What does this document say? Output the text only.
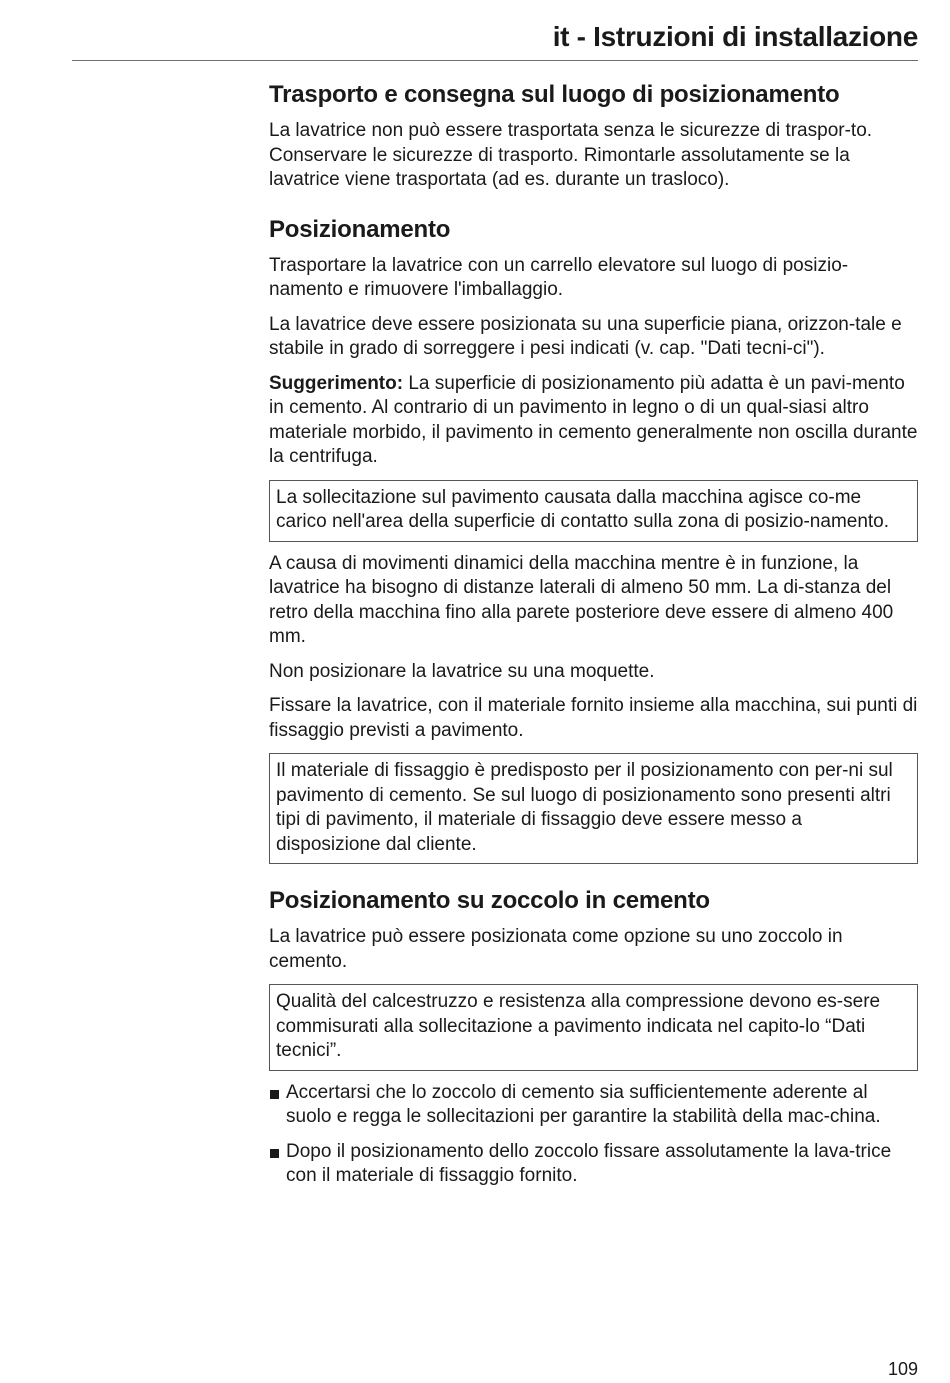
it - Istruzioni di installazione
Trasporto e consegna sul luogo di posizionamento

La lavatrice non può essere trasportata senza le sicurezze di traspor-to. Conservare le sicurezze di trasporto. Rimontarle assolutamente se la lavatrice viene trasportata (ad es. durante un trasloco).

Posizionamento

Trasportare la lavatrice con un carrello elevatore sul luogo di posizio-namento e rimuovere l'imballaggio.

La lavatrice deve essere posizionata su una superficie piana, orizzon-tale e stabile in grado di sorreggere i pesi indicati (v. cap. "Dati tecni-ci").

Suggerimento: La superficie di posizionamento più adatta è un pavi-mento in cemento. Al contrario di un pavimento in legno o di un qual-siasi altro materiale morbido, il pavimento in cemento generalmente non oscilla durante la centrifuga.

La sollecitazione sul pavimento causata dalla macchina agisce co-me carico nell'area della superficie di contatto sulla zona di posizio-namento.

A causa di movimenti dinamici della macchina mentre è in funzione, la lavatrice ha bisogno di distanze laterali di almeno 50 mm. La di-stanza del retro della macchina fino alla parete posteriore deve essere di almeno 400 mm.

Non posizionare la lavatrice su una moquette.

Fissare la lavatrice, con il materiale fornito insieme alla macchina, sui punti di fissaggio previsti a pavimento.

Il materiale di fissaggio è predisposto per il posizionamento con per-ni sul pavimento di cemento. Se sul luogo di posizionamento sono presenti altri tipi di pavimento, il materiale di fissaggio deve essere messo a disposizione dal cliente.
Posizionamento su zoccolo in cemento

La lavatrice può essere posizionata come opzione su uno zoccolo in cemento.

Qualità del calcestruzzo e resistenza alla compressione devono es-sere commisurati alla sollecitazione a pavimento indicata nel capito-lo “Dati tecnici”.
Accertarsi che lo zoccolo di cemento sia sufficientemente aderente al suolo e regga le sollecitazioni per garantire la stabilità della mac-china.
Dopo il posizionamento dello zoccolo fissare assolutamente la lava-trice con il materiale di fissaggio fornito.
109
